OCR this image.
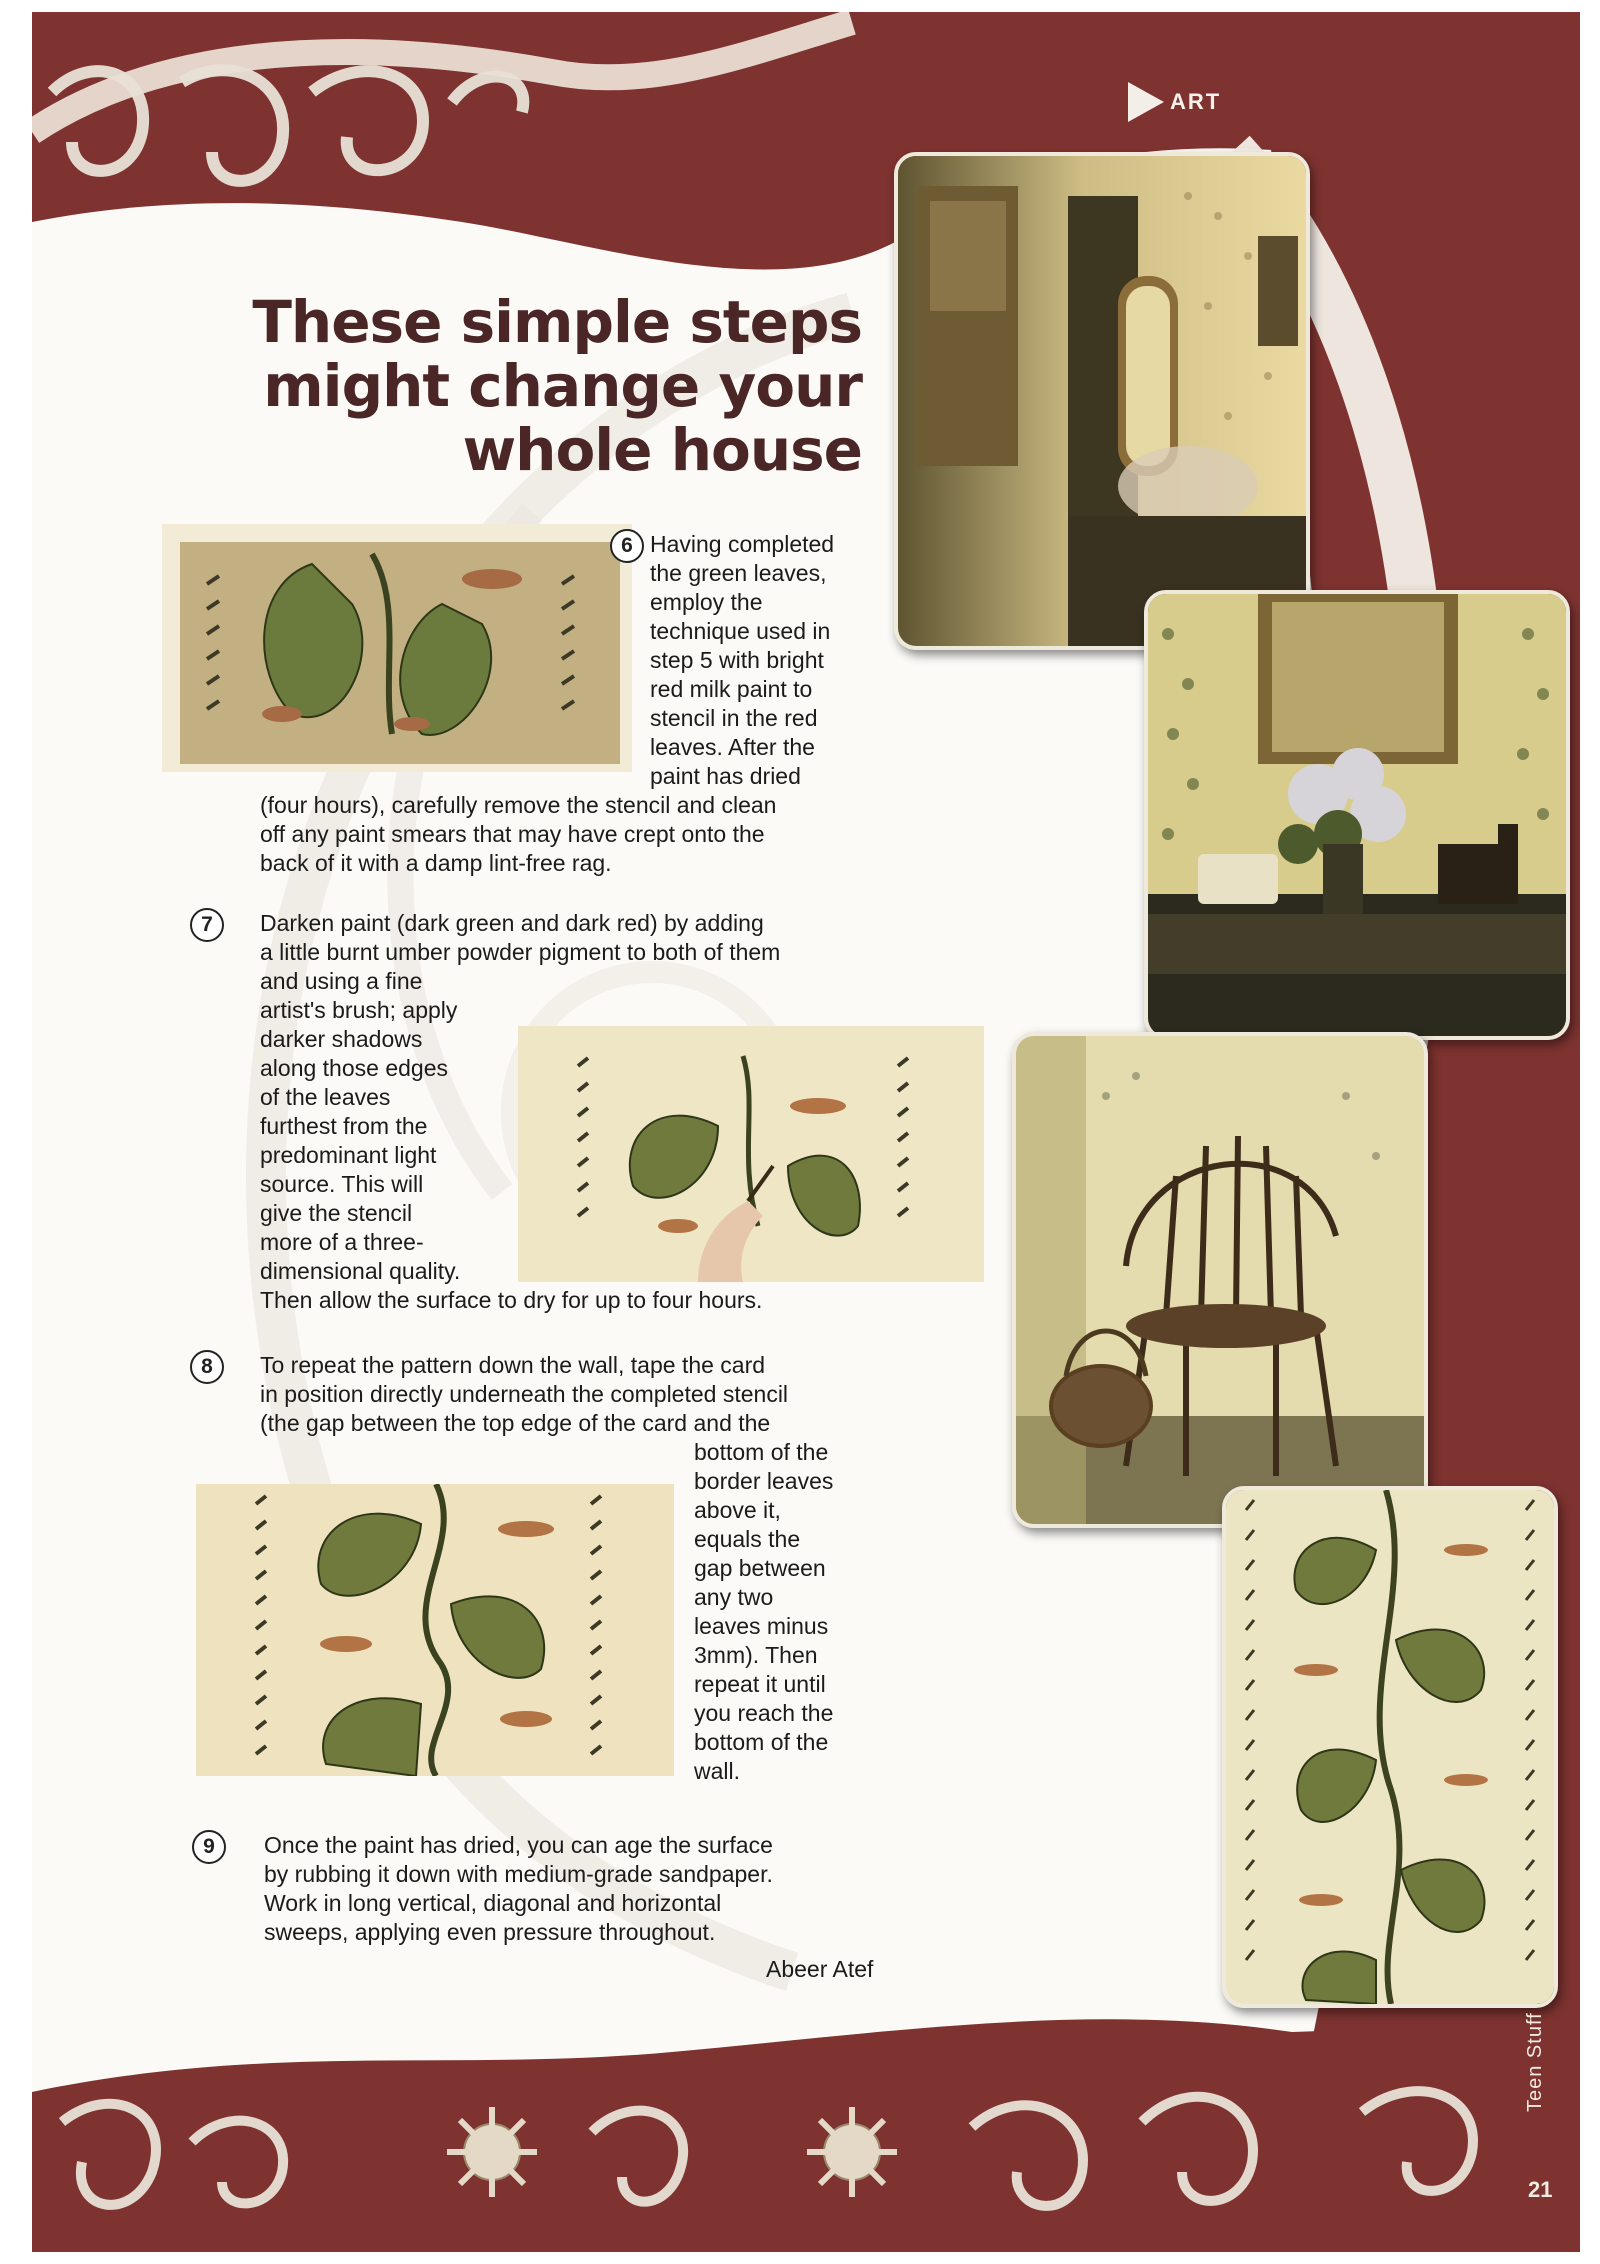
ART
These simple steps
might change your
whole house
6 Having completed
the green leaves,
employ the
technique used in
step 5 with bright
red milk paint to
stencil in the red
leaves. After the
paint has dried
(four hours), carefully remove the stencil and clean
off any paint smears that may have crept onto the
back of it with a damp lint-free rag.
7	Darken paint (dark green and dark red) by adding
a little burnt umber powder pigment to both of them
and using a fine
artist's brush; apply
darker shadows
along those edges
of the leaves
furthest from the
predominant light
source. This will
give the stencil
more of a three-
dimensional quality.
Then allow the surface to dry for up to four hours.
8	To repeat the pattern down the wall, tape the card
in position directly underneath the completed stencil
(the gap between the top edge of the card and the
bottom of the
border leaves
above it,
equals the
gap between
any two
leaves minus
3mm). Then
repeat it until
you reach the
bottom of the
wall.
9	Once the paint has dried, you can age the surface
by rubbing it down with medium-grade sandpaper.
Work in long vertical, diagonal and horizontal
sweeps, applying even pressure throughout.
Abeer Atef
Teen Stuff
21
